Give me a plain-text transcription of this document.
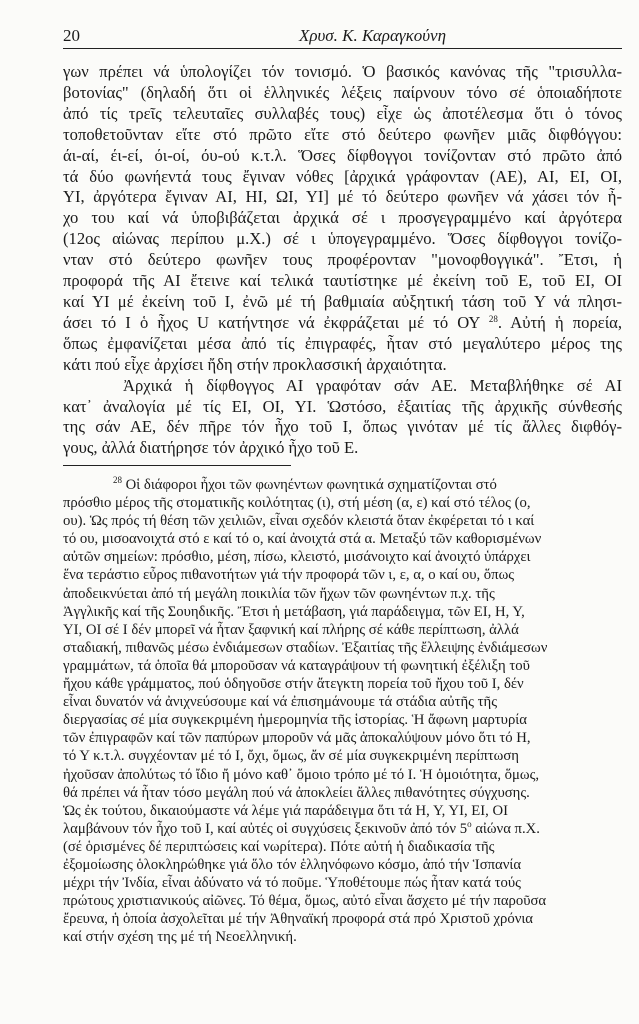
20	Χρυσ. Κ. Καραγκούνη
γων πρέπει νά ὑπολογίζει τόν τονισμό. Ὁ βασικός κανόνας τῆς "τρισυλλα-
βοτονίας" (δηλαδή ὅτι οἱ ἑλληνικές λέξεις παίρνουν τόνο σέ ὁποιαδήποτε
ἀπό τίς τρεῖς τελευταῖες συλλαβές τους) εἶχε ὡς ἀποτέλεσμα ὅτι ὁ τόνος
τοποθετοῦνταν εἴτε στό πρῶτο εἴτε στό δεύτερο φωνῆεν μιᾶς διφθόγγου:
άι-αί, έι-εί, όι-οί, όυ-ού κ.τ.λ. Ὅσες δίφθογγοι τονίζονταν στό πρῶτο ἀπό
τά δύο φωνήεντά τους ἔγιναν νόθες [ἀρχικά γράφονταν (ΑΕ), ΑΙ, ΕΙ, ΟΙ,
ΥΙ, ἀργότερα ἔγιναν ΑΙ, ΗΙ, ΩΙ, ΥΙ] μέ τό δεύτερο φωνῆεν νά χάσει τόν ἦ-
χο του καί νά ὑποβιβάζεται ἀρχικά σέ ι προσγεγραμμένο καί ἀργότερα
(12ος αἰώνας περίπου μ.Χ.) σέ ι ὑπογεγραμμένο. Ὅσες δίφθογγοι τονίζο-
νταν στό δεύτερο φωνῆεν τους προφέρονταν "μονοφθογγικά". Ἔτσι, ἡ
προφορά τῆς ΑΙ ἔτεινε καί τελικά ταυτίστηκε μέ ἐκείνη τοῦ Ε, τοῦ ΕΙ, ΟΙ
καί ΥΙ μέ ἐκείνη τοῦ Ι, ἐνῶ μέ τή βαθμιαία αὐξητική τάση τοῦ Υ νά πλησι-
άσει τό Ι ὁ ἦχος U κατήντησε νά ἐκφράζεται μέ τό ΟΥ $^{28}$. Αὐτή ἡ πορεία,
ὅπως ἐμφανίζεται μέσα ἀπό τίς ἐπιγραφές, ἦταν στό μεγαλύτερο μέρος της
κάτι πού εἶχε ἀρχίσει ἤδη στήν προκλασσική ἀρχαιότητα.
Ἀρχικά ἡ δίφθογγος ΑΙ γραφόταν σάν ΑΕ. Μεταβλήθηκε σέ ΑΙ
κατ᾽ ἀναλογία μέ τίς ΕΙ, ΟΙ, ΥΙ. Ὡστόσο, ἐξαιτίας τῆς ἀρχικῆς σύνθεσής
της σάν ΑΕ, δέν πῆρε τόν ἦχο τοῦ Ι, ὅπως γινόταν μέ τίς ἄλλες διφθόγ-
γους, ἀλλά διατήρησε τόν ἀρχικό ἦχο τοῦ Ε.
$^{28}$ Οἱ διάφοροι ἦχοι τῶν φωνηέντων φωνητικά σχηματίζονται στό
πρόσθιο μέρος τῆς στοματικῆς κοιλότητας (ι), στή μέση (α, ε) καί στό τέλος (ο,
ου). Ὡς πρός τή θέση τῶν χειλιῶν, εἶναι σχεδόν κλειστά ὅταν ἐκφέρεται τό ι καί
τό ου, μισοανοιχτά στό ε καί τό ο, καί ἀνοιχτά στά α. Μεταξύ τῶν καθορισμένων
αὐτῶν σημείων: πρόσθιο, μέση, πίσω, κλειστό, μισάνοιχτο καί ἀνοιχτό ὑπάρχει
ἕνα τεράστιο εὖρος πιθανοτήτων γιά τήν προφορά τῶν ι, ε, α, ο καί ου, ὅπως
ἀποδεικνύεται ἀπό τή μεγάλη ποικιλία τῶν ἤχων τῶν φωνηέντων π.χ. τῆς
Ἀγγλικῆς καί τῆς Σουηδικῆς. Ἔτσι ἡ μετάβαση, γιά παράδειγμα, τῶν ΕΙ, Η, Υ,
ΥΙ, ΟΙ σέ Ι δέν μπορεῖ νά ἦταν ξαφνική καί πλήρης σέ κάθε περίπτωση, ἀλλά
σταδιακή, πιθανῶς μέσω ἐνδιάμεσων σταδίων. Ἐξαιτίας τῆς ἔλλειψης ἐνδιάμεσων
γραμμάτων, τά ὁποῖα θά μποροῦσαν νά καταγράψουν τή φωνητική ἐξέλιξη τοῦ
ἤχου κάθε γράμματος, πού ὁδηγοῦσε στήν ἄτεγκτη πορεία τοῦ ἤχου τοῦ Ι, δέν
εἶναι δυνατόν νά ἀνιχνεύσουμε καί νά ἐπισημάνουμε τά στάδια αὐτῆς τῆς
διεργασίας σέ μία συγκεκριμένη ἡμερομηνία τῆς ἱστορίας. Ἡ ἄφωνη μαρτυρία
τῶν ἐπιγραφῶν καί τῶν παπύρων μποροῦν νά μᾶς ἀποκαλύψουν μόνο ὅτι τό Η,
τό Υ κ.τ.λ. συγχέονταν μέ τό Ι, ὄχι, ὅμως, ἄν σέ μία συγκεκριμένη περίπτωση
ἠχοῦσαν ἀπολύτως τό ἴδιο ἤ μόνο καθ᾽ ὅμοιο τρόπο μέ τό Ι. Ἡ ὁμοιότητα, ὅμως,
θά πρέπει νά ἦταν τόσο μεγάλη πού νά ἀποκλείει ἄλλες πιθανότητες σύγχυσης.
Ὡς ἐκ τούτου, δικαιούμαστε νά λέμε γιά παράδειγμα ὅτι τά Η, Υ, ΥΙ, ΕΙ, ΟΙ
λαμβάνουν τόν ἦχο τοῦ Ι, καί αὐτές οἱ συγχύσεις ξεκινοῦν ἀπό τόν $5^o$ αἰώνα π.Χ.
(σέ ὁρισμένες δέ περιπτώσεις καί νωρίτερα). Πότε αὐτή ἡ διαδικασία τῆς
ἐξομοίωσης ὁλοκληρώθηκε γιά ὅλο τόν ἑλληνόφωνο κόσμο, ἀπό τήν Ἱσπανία
μέχρι τήν Ἰνδία, εἶναι ἀδύνατο νά τό ποῦμε. Ὑποθέτουμε πώς ἦταν κατά τούς
πρώτους χριστιανικούς αἰῶνες. Τό θέμα, ὅμως, αὐτό εἶναι ἄσχετο μέ τήν παροῦσα
ἔρευνα, ἡ ὁποία ἀσχολεῖται μέ τήν Ἀθηναϊκή προφορά στά πρό Χριστοῦ χρόνια
καί στήν σχέση της μέ τή Νεοελληνική.
